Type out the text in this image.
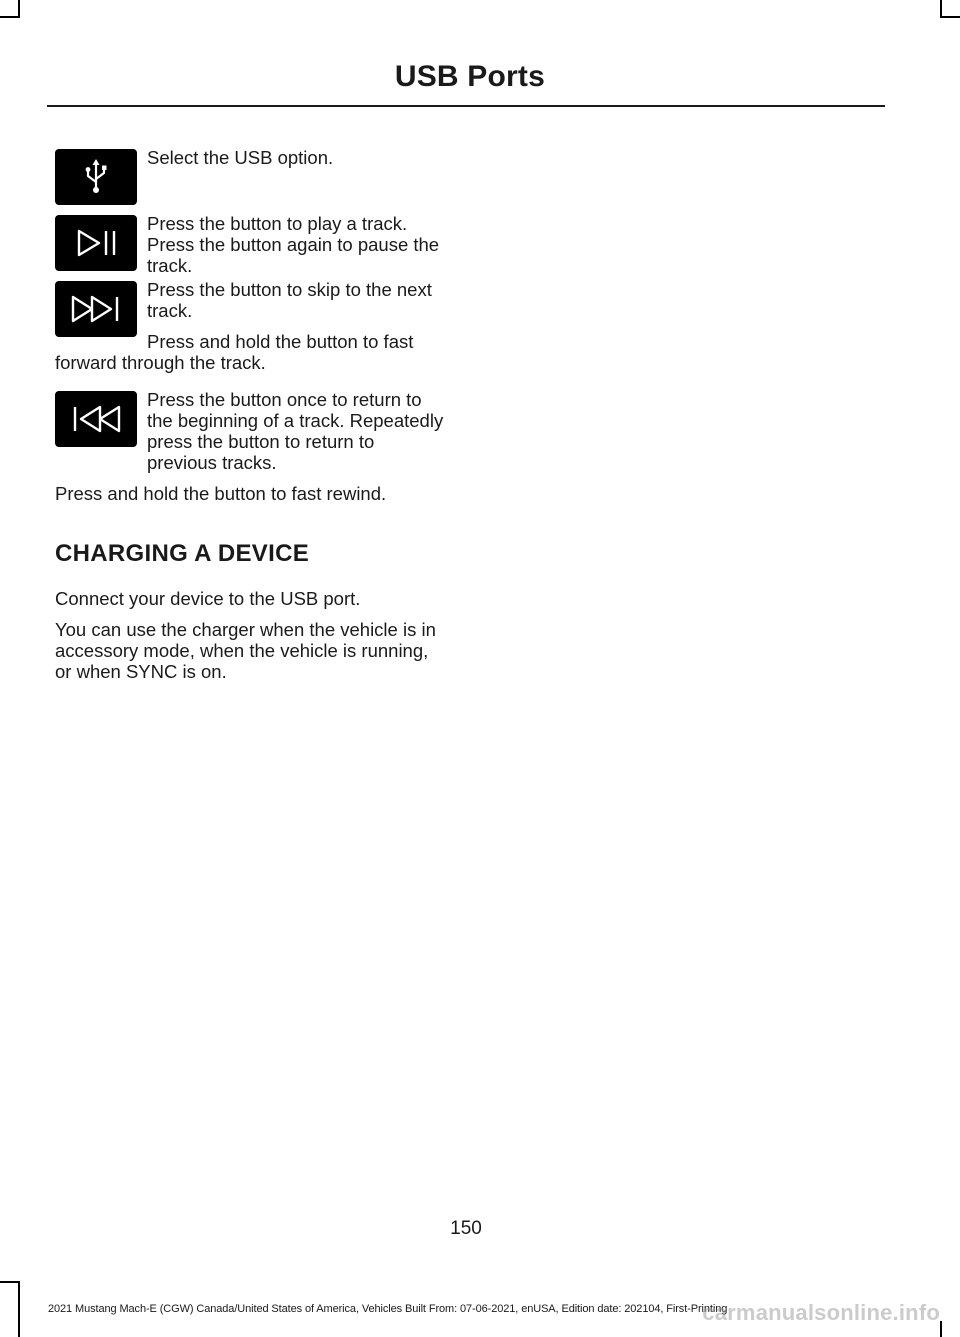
USB Ports

Select the USB option.

Press the button to play a track. Press the button again to pause the track.

Press the button to skip to the next track.

Press and hold the button to fast forward through the track.

Press the button once to return to the beginning of a track. Repeatedly press the button to return to previous tracks.

Press and hold the button to fast rewind.

CHARGING A DEVICE

Connect your device to the USB port.

You can use the charger when the vehicle is in accessory mode, when the vehicle is running, or when SYNC is on.

150
2021 Mustang Mach-E (CGW) Canada/United States of America, Vehicles Built From: 07-06-2021, enUSA, Edition date: 202104, First-Printing
carmanualsonline.info
